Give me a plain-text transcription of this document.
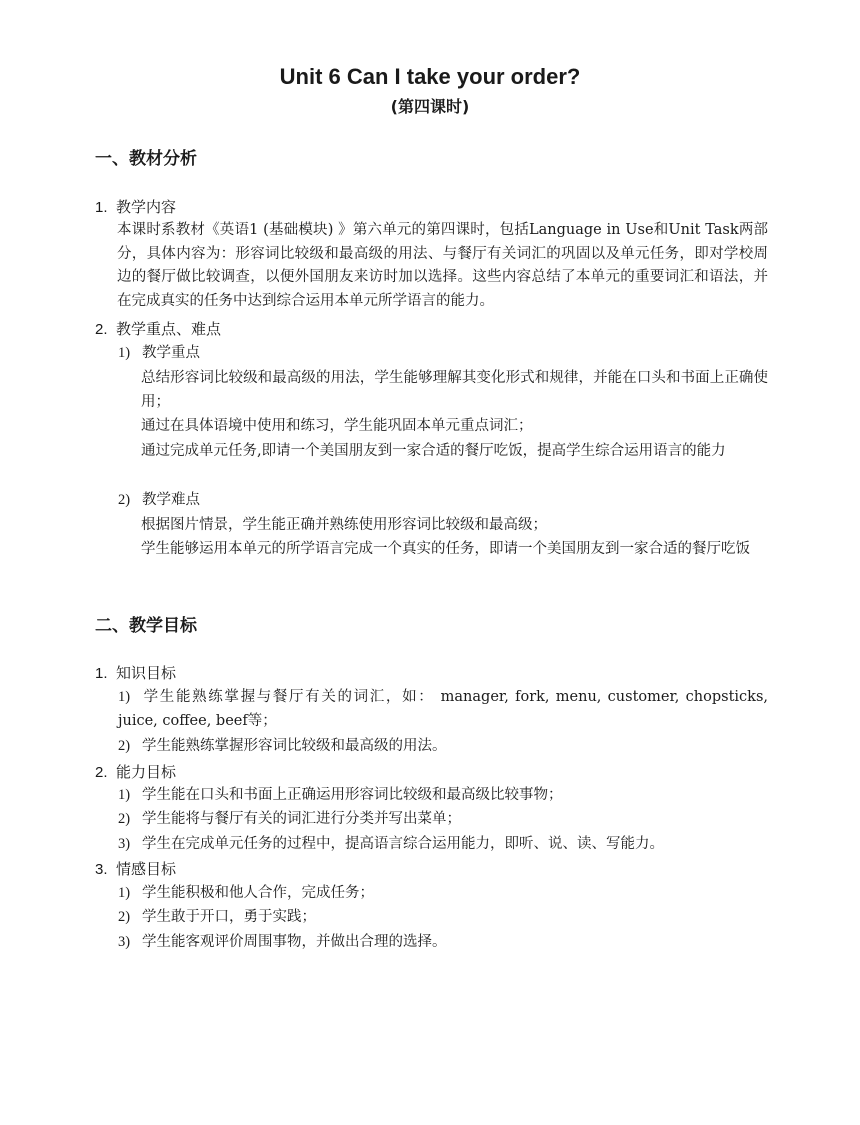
Unit 6 Can I take your order?
(第四课时)
一、教材分析
1. 教学内容
本课时系教材《英语1 (基础模块) 》第六单元的第四课时，包括Language in Use和Unit Task两部分，具体内容为：形容词比较级和最高级的用法、与餐厅有关词汇的巩固以及单元任务，即对学校周边的餐厅做比较调查，以便外国朋友来访时加以选择。这些内容总结了本单元的重要词汇和语法，并在完成真实的任务中达到综合运用本单元所学语言的能力。
2. 教学重点、难点
1) 教学重点
总结形容词比较级和最高级的用法，学生能够理解其变化形式和规律，并能在口头和书面上正确使用；
通过在具体语境中使用和练习，学生能巩固本单元重点词汇；
通过完成单元任务,即请一个美国朋友到一家合适的餐厅吃饭，提高学生综合运用语言的能力
2) 教学难点
根据图片情景，学生能正确并熟练使用形容词比较级和最高级；
学生能够运用本单元的所学语言完成一个真实的任务，即请一个美国朋友到一家合适的餐厅吃饭
二、教学目标
1. 知识目标
1) 学生能熟练掌握与餐厅有关的词汇，如： manager, fork, menu, customer, chopsticks, juice, coffee, beef等；
2) 学生能熟练掌握形容词比较级和最高级的用法。
2. 能力目标
1) 学生能在口头和书面上正确运用形容词比较级和最高级比较事物；
2) 学生能将与餐厅有关的词汇进行分类并写出菜单；
3) 学生在完成单元任务的过程中，提高语言综合运用能力，即听、说、读、写能力。
3. 情感目标
1) 学生能积极和他人合作，完成任务；
2) 学生敢于开口，勇于实践；
3) 学生能客观评价周围事物，并做出合理的选择。
